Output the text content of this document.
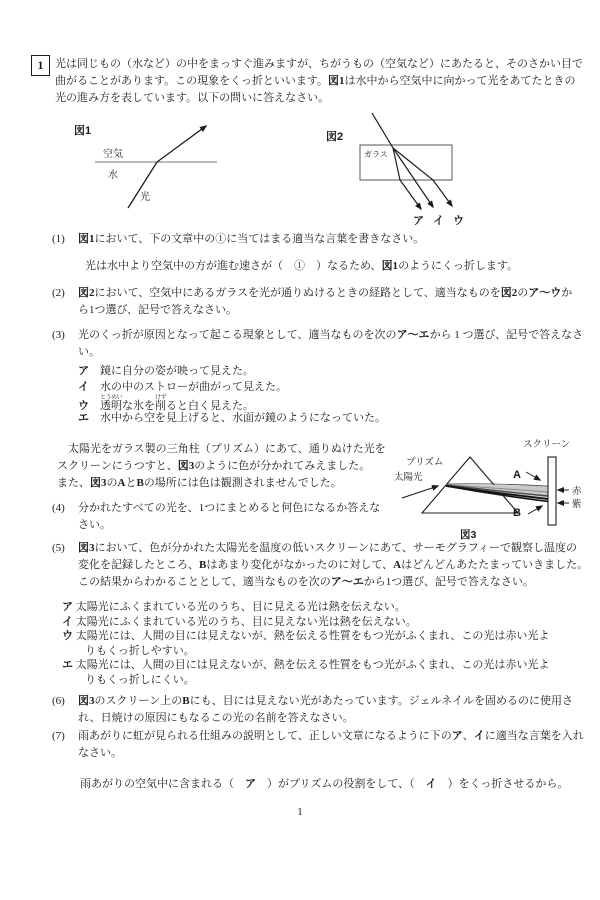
1	光は同じもの（水など）の中をまっすぐ進みますが、ちがうもの（空気など）にあたると、そのさかい目で
曲がることがあります。この現象をくっ折といいます。図1は水中から空気中に向かって光をあてたときの
光の進み方を表しています。以下の問いに答えなさい。
図1
空気
水
光
図2
ガラス
ア イ ウ
(1) 図1において、下の文章中の①に当てはまる適当な言葉を書きなさい。
光は水中より空気中の方が進む速さが（　①　）なるため、図1のようにくっ折します。
(2) 図2において、空気中にあるガラスを光が通りぬけるときの経路として、適当なものを図2のア～ウか
ら1つ選び、記号で答えなさい。
(3) 光のくっ折が原因となって起こる現象として、適当なものを次のア～エから 1 つ選び、記号で答えなさ
い。
ア　鏡に自分の姿が映って見えた。
イ　水の中のストローが曲がって見えた。
ウ　 透明とうめいな氷を削けずると白く見えた。
エ　水中から空を見上げると、水面が鏡のようになっていた。
　太陽光をガラス製の三角柱（プリズム）にあて、通りぬけた光を
スクリーンにうつすと、図3のように色が分かれてみえました。
また、図3のAとBの場所には色は観測されませんでした。
スクリーン
プリズム
太陽光	A
B
赤
紫
図3
(4) 分かれたすべての光を、1つにまとめると何色になるか答えな
さい。
(5) 図3において、色が分かれた太陽光を温度の低いスクリーンにあて、サーモグラフィーで観察し温度の
変化を記録したところ、Bはあまり変化がなかったのに対して、Aはどんどんあたたまっていきました。
この結果からわかることとして、適当なものを次のア～エから1つ選び、記号で答えなさい。
ア 太陽光にふくまれている光のうち、目に見える光は熱を伝えない。
イ 太陽光にふくまれている光のうち、目に見えない光は熱を伝えない。
ウ 太陽光には、人間の目には見えないが、熱を伝える性質をもつ光がふくまれ、この光は赤い光よ
りもくっ折しやすい。
エ 太陽光には、人間の目には見えないが、熱を伝える性質をもつ光がふくまれ、この光は赤い光よ
りもくっ折しにくい。
(6) 図3のスクリーン上のBにも、目には見えない光があたっています。ジェルネイルを固めるのに使用さ
れ、日焼けの原因にもなるこの光の名前を答えなさい。
(7) 雨あがりに虹が見られる仕組みの説明として、正しい文章になるように下のア、イに適当な言葉を入れ
なさい。
雨あがりの空気中に含まれる（　ア　）がプリズムの役割をして、（　イ　）をくっ折させるから。
1
